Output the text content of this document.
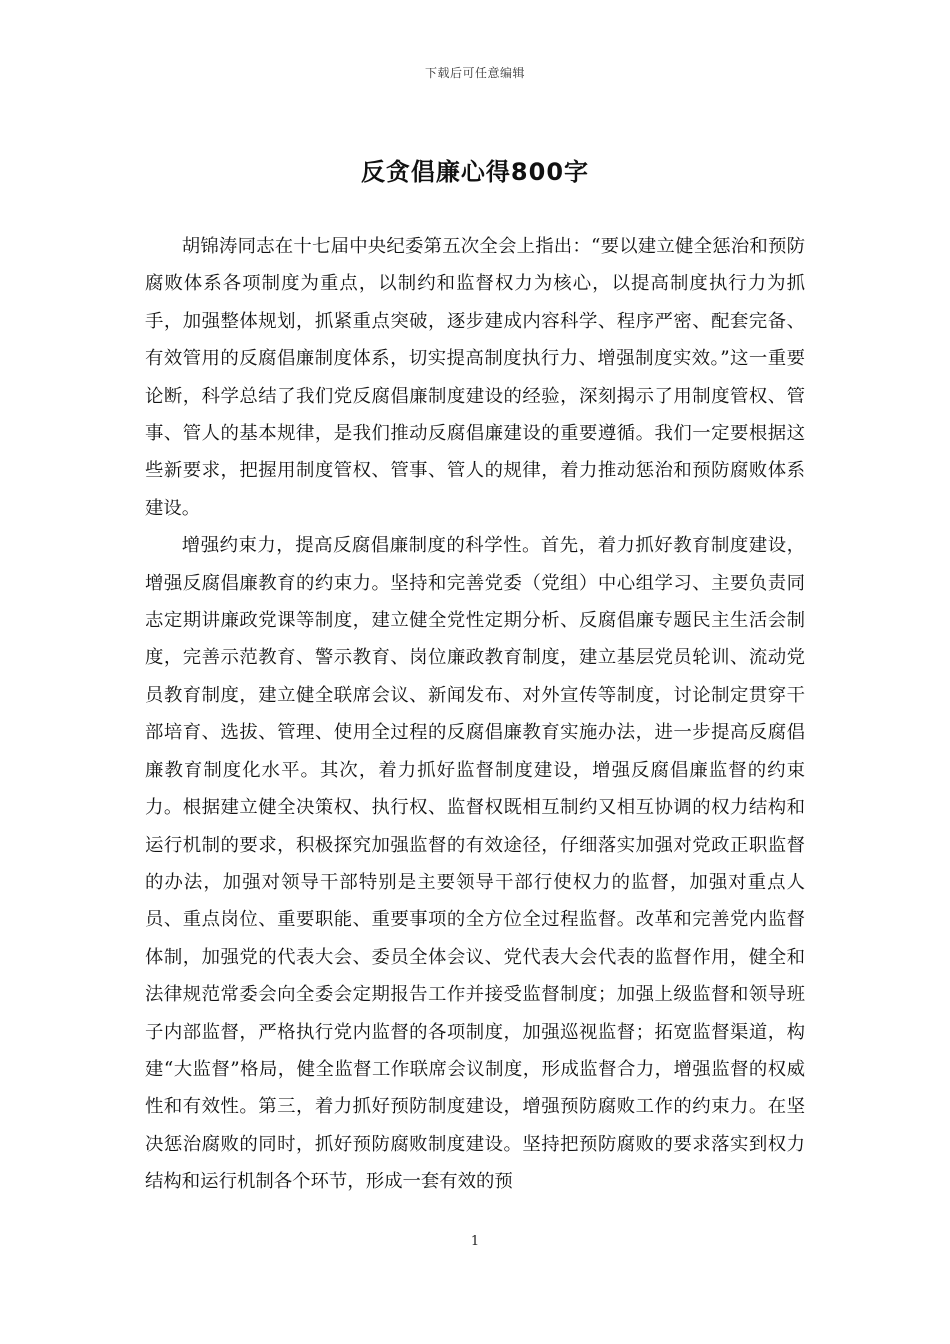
下载后可任意编辑
反贪倡廉心得800字

胡锦涛同志在十七届中央纪委第五次全会上指出：“要以建立健全惩治和预防腐败体系各项制度为重点，以制约和监督权力为核心，以提高制度执行力为抓手，加强整体规划，抓紧重点突破，逐步建成内容科学、程序严密、配套完备、有效管用的反腐倡廉制度体系，切实提高制度执行力、增强制度实效。”这一重要论断，科学总结了我们党反腐倡廉制度建设的经验，深刻揭示了用制度管权、管事、管人的基本规律，是我们推动反腐倡廉建设的重要遵循。我们一定要根据这些新要求，把握用制度管权、管事、管人的规律，着力推动惩治和预防腐败体系建设。

增强约束力，提高反腐倡廉制度的科学性。首先，着力抓好教育制度建设，增强反腐倡廉教育的约束力。坚持和完善党委（党组）中心组学习、主要负责同志定期讲廉政党课等制度，建立健全党性定期分析、反腐倡廉专题民主生活会制度，完善示范教育、警示教育、岗位廉政教育制度，建立基层党员轮训、流动党员教育制度，建立健全联席会议、新闻发布、对外宣传等制度，讨论制定贯穿干部培育、选拔、管理、使用全过程的反腐倡廉教育实施办法，进一步提高反腐倡廉教育制度化水平。其次，着力抓好监督制度建设，增强反腐倡廉监督的约束力。根据建立健全决策权、执行权、监督权既相互制约又相互协调的权力结构和运行机制的要求，积极探究加强监督的有效途径，仔细落实加强对党政正职监督的办法，加强对领导干部特别是主要领导干部行使权力的监督，加强对重点人员、重点岗位、重要职能、重要事项的全方位全过程监督。改革和完善党内监督体制，加强党的代表大会、委员全体会议、党代表大会代表的监督作用，健全和法律规范常委会向全委会定期报告工作并接受监督制度；加强上级监督和领导班子内部监督，严格执行党内监督的各项制度，加强巡视监督；拓宽监督渠道，构建“大监督”格局，健全监督工作联席会议制度，形成监督合力，增强监督的权威性和有效性。第三，着力抓好预防制度建设，增强预防腐败工作的约束力。在坚决惩治腐败的同时，抓好预防腐败制度建设。坚持把预防腐败的要求落实到权力结构和运行机制各个环节，形成一套有效的预

1
